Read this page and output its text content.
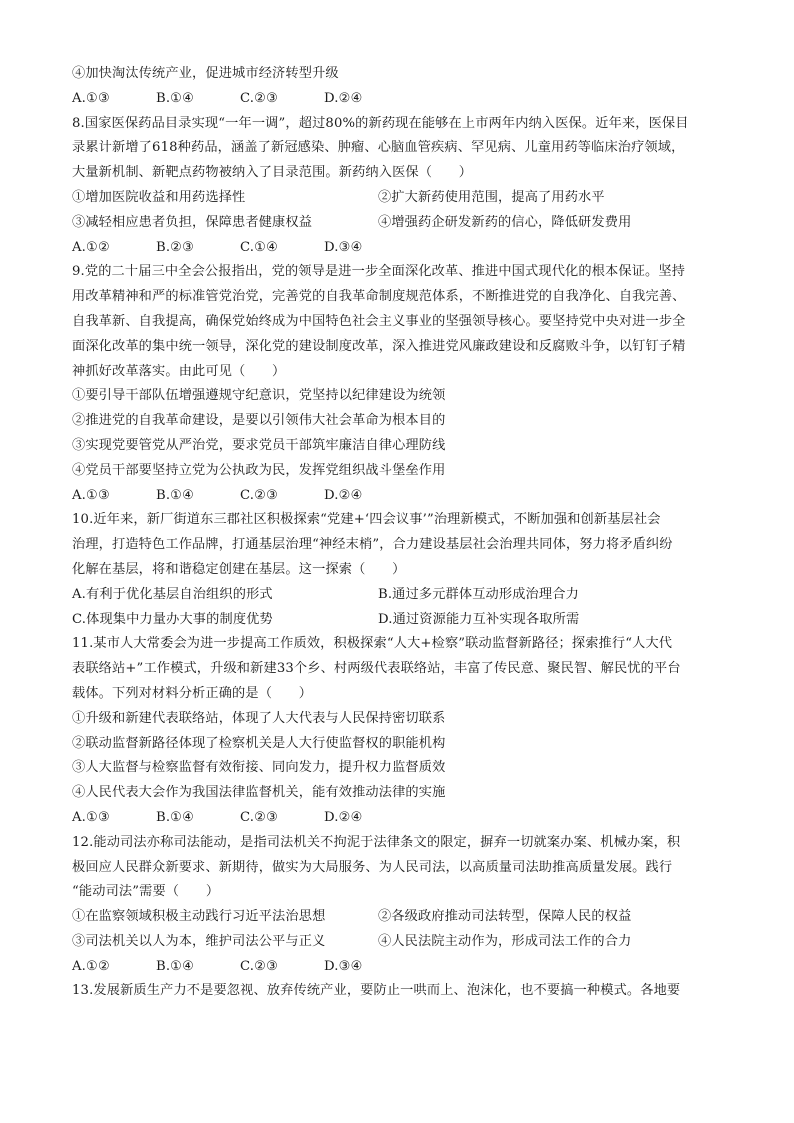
④加快淘汰传统产业，促进城市经济转型升级
A.①③	B.①④	C.②③	D.②④
8.国家医保药品目录实现“一年一调”，超过80%的新药现在能够在上市两年内纳入医保。近年来，医保目
录累计新增了618种药品，涵盖了新冠感染、肿瘤、心脑血管疾病、罕见病、儿童用药等临床治疗领域，
大量新机制、新靶点药物被纳入了目录范围。新药纳入医保（　　）
①增加医院收益和用药选择性	②扩大新药使用范围，提高了用药水平
③减轻相应患者负担，保障患者健康权益	④增强药企研发新药的信心，降低研发费用
A.①②	B.②③	C.①④	D.③④
9.党的二十届三中全会公报指出，党的领导是进一步全面深化改革、推进中国式现代化的根本保证。坚持
用改革精神和严的标准管党治党，完善党的自我革命制度规范体系，不断推进党的自我净化、自我完善、
自我革新、自我提高，确保党始终成为中国特色社会主义事业的坚强领导核心。要坚持党中央对进一步全
面深化改革的集中统一领导，深化党的建设制度改革，深入推进党风廉政建设和反腐败斗争，以钉钉子精
神抓好改革落实。由此可见（　　）
①要引导干部队伍增强遵规守纪意识，党坚持以纪律建设为统领
②推进党的自我革命建设，是要以引领伟大社会革命为根本目的
③实现党要管党从严治党，要求党员干部筑牢廉洁自律心理防线
④党员干部要坚持立党为公执政为民，发挥党组织战斗堡垒作用
A.①③	B.①④	C.②③	D.②④
10.近年来，新厂街道东三郡社区积极探索“党建+‘四会议事’”治理新模式，不断加强和创新基层社会
治理，打造特色工作品牌，打通基层治理“神经末梢”，合力建设基层社会治理共同体，努力将矛盾纠纷
化解在基层，将和谐稳定创建在基层。这一探索（　　）
A.有利于优化基层自治组织的形式	B.通过多元群体互动形成治理合力
C.体现集中力量办大事的制度优势	D.通过资源能力互补实现各取所需
11.某市人大常委会为进一步提高工作质效，积极探索“人大+检察”联动监督新路径；探索推行“人大代
表联络站+”工作模式，升级和新建33个乡、村两级代表联络站，丰富了传民意、聚民智、解民忧的平台
载体。下列对材料分析正确的是（　　）
①升级和新建代表联络站，体现了人大代表与人民保持密切联系
②联动监督新路径体现了检察机关是人大行使监督权的职能机构
③人大监督与检察监督有效衔接、同向发力，提升权力监督质效
④人民代表大会作为我国法律监督机关，能有效推动法律的实施
A.①③	B.①④	C.②③	D.②④
12.能动司法亦称司法能动，是指司法机关不拘泥于法律条文的限定，摒弃一切就案办案、机械办案，积
极回应人民群众新要求、新期待，做实为大局服务、为人民司法，以高质量司法助推高质量发展。践行
“能动司法”需要（　　）
①在监察领域积极主动践行习近平法治思想	②各级政府推动司法转型，保障人民的权益
③司法机关以人为本，维护司法公平与正义	④人民法院主动作为，形成司法工作的合力
A.①②	B.①④	C.②③	D.③④
13.发展新质生产力不是要忽视、放弃传统产业，要防止一哄而上、泡沫化，也不要搞一种模式。各地要
